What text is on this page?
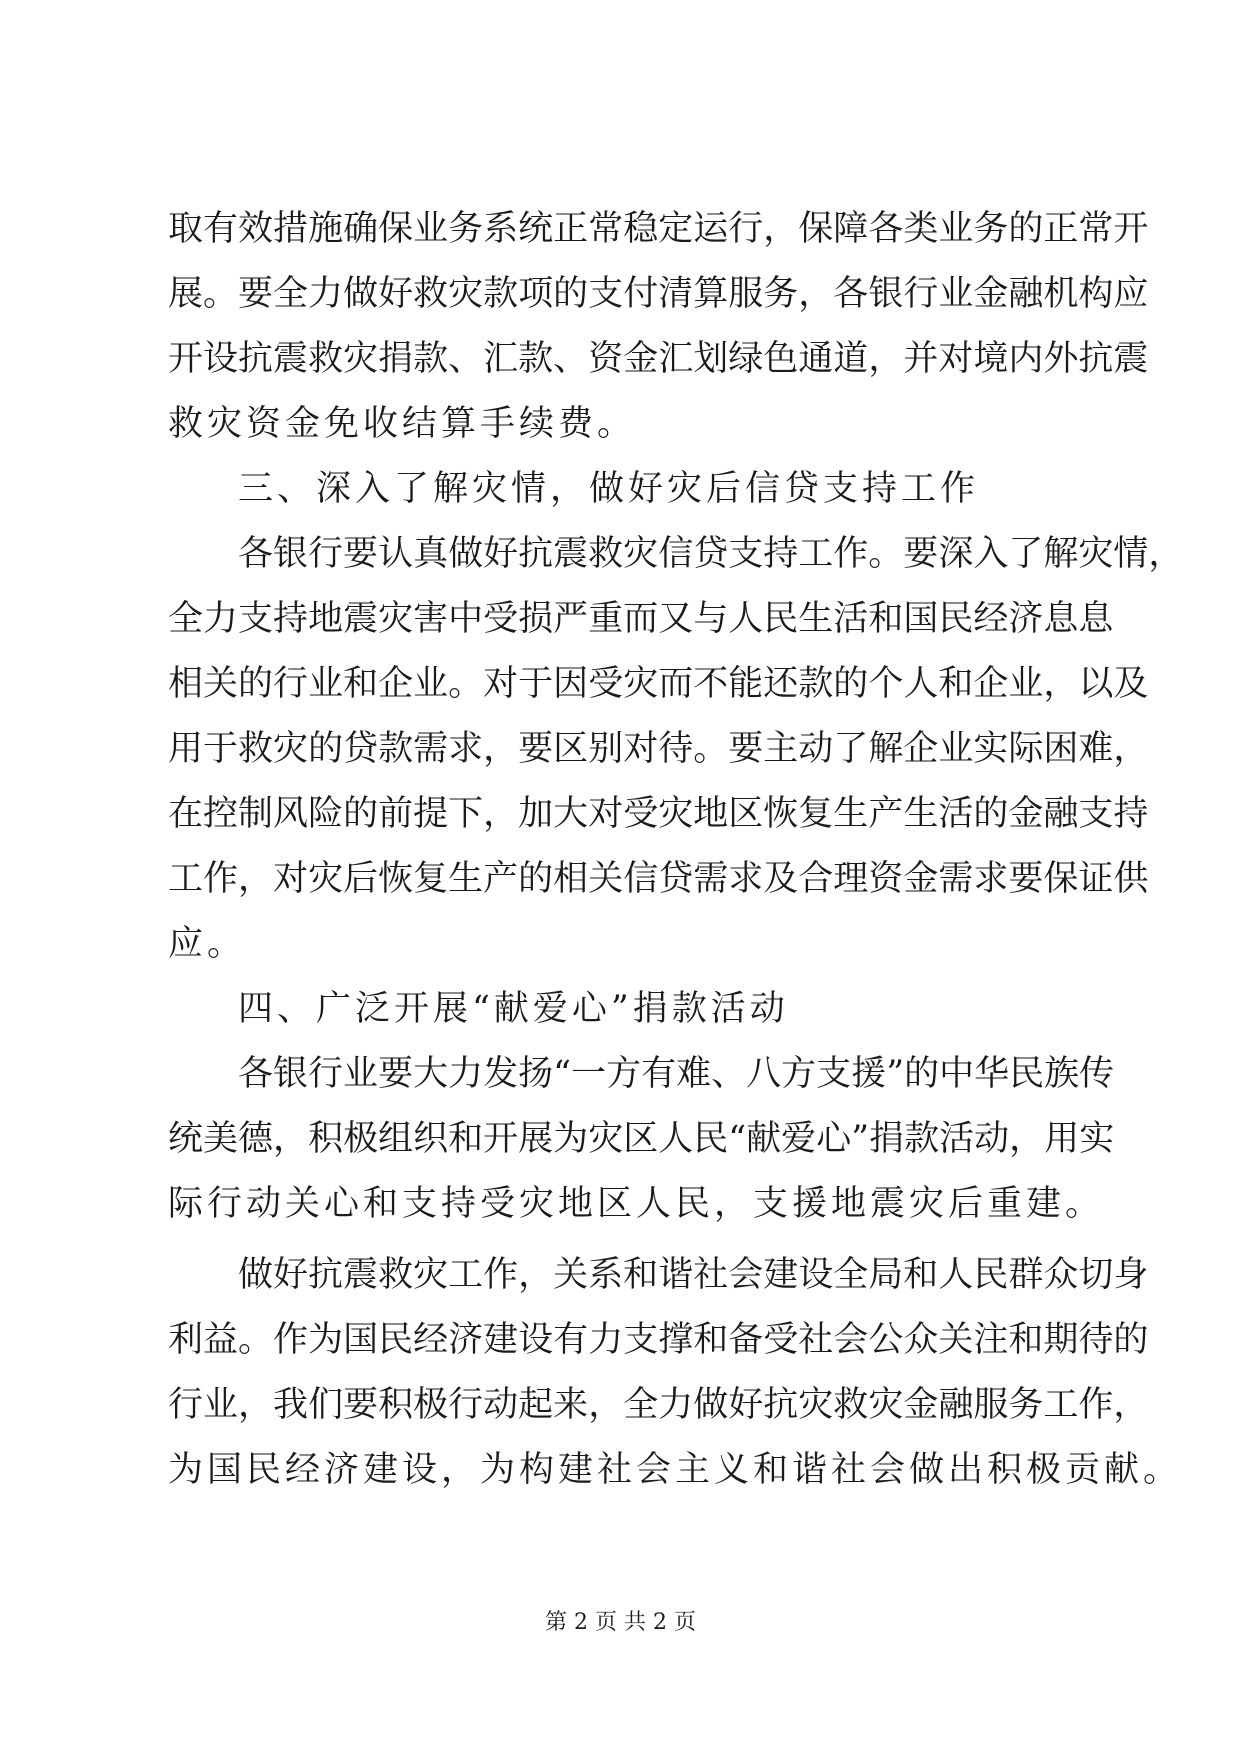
取 有 效 措 施 确 保 业 务 系 统 正 常 稳 定 运 行 ， 保 障 各 类 业 务 的 正 常 开
展 。 要 全 力 做 好 救 灾 款 项 的 支 付 清 算 服 务 ， 各 银 行 业 金 融 机 构 应
开 设 抗 震 救 灾 捐 款 、 汇 款 、 资 金 汇 划 绿 色 通 道 ， 并 对 境 内 外 抗 震
救灾资金免收结算手续费。
三、深入了解灾情，做好灾后信贷支持工作
各 银 行 要 认 真 做 好 抗 震 救 灾 信 贷 支 持 工 作 。 要 深 入 了 解 灾 情 ，
全 力 支 持 地 震 灾 害 中 受 损 严 重 而 又 与 人 民 生 活 和 国 民 经 济 息 息
相 关 的 行 业 和 企 业 。 对 于 因 受 灾 而 不 能 还 款 的 个 人 和 企 业 ， 以 及
用 于 救 灾 的 贷 款 需 求 ， 要 区 别 对 待 。 要 主 动 了 解 企 业 实 际 困 难 ，
在 控 制 风 险 的 前 提 下 ， 加 大 对 受 灾 地 区 恢 复 生 产 生 活 的 金 融 支 持
工 作 ， 对 灾 后 恢 复 生 产 的 相 关 信 贷 需 求 及 合 理 资 金 需 求 要 保 证 供
应。
四、广泛开展“献爱心”捐款活动
各 银 行 业 要 大 力 发 扬 “ 一 方 有 难 、 八 方 支 援 ” 的 中 华 民 族 传
统 美 德 ， 积 极 组 织 和 开 展 为 灾 区 人 民 “ 献 爱 心 ” 捐 款 活 动 ， 用 实
际行动关心和支持受灾地区人民，支援地震灾后重建。
做 好 抗 震 救 灾 工 作 ， 关 系 和 谐 社 会 建 设 全 局 和 人 民 群 众 切 身
利 益 。 作 为 国 民 经 济 建 设 有 力 支 撑 和 备 受 社 会 公 众 关 注 和 期 待 的
行 业 ， 我 们 要 积 极 行 动 起 来 ， 全 力 做 好 抗 灾 救 灾 金 融 服 务 工 作 ，
为国民经济建设，为构建社会主义和谐社会做出积极贡献。
第 2 页 共 2 页
